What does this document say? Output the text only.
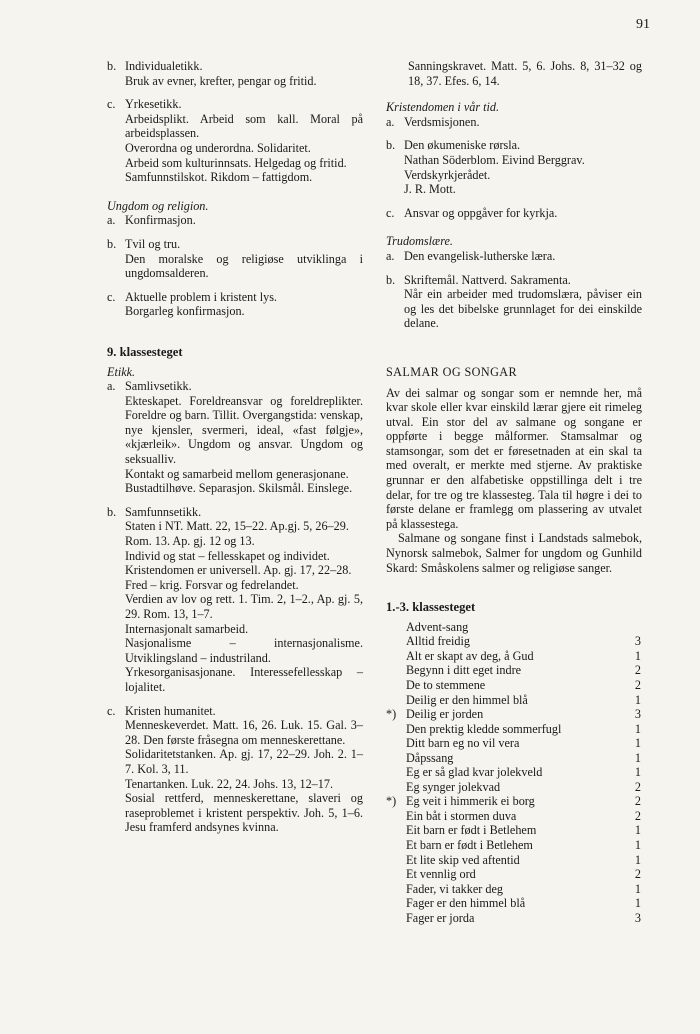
91
b. Individualetikk.

Bruk av evner, krefter, pengar og fritid.

c. Yrkesetikk.

Arbeidsplikt. Arbeid som kall. Moral på arbeidsplassen.

Overordna og underordna. Solidaritet.

Arbeid som kulturinnsats. Helgedag og fritid.

Samfunnstilskot. Rikdom – fattigdom.

Ungdom og religion.

a. Konfirmasjon.

b. Tvil og tru.

Den moralske og religiøse utviklinga i ungdomsalderen.

c. Aktuelle problem i kristent lys.

Borgarleg konfirmasjon.

9. klassesteget

Etikk.

a. Samlivsetikk.

Ekteskapet. Foreldreansvar og foreldreplikter. Foreldre og barn. Tillit. Overgangstida: venskap, nye kjensler, svermeri, ideal, «fast følgje», «kjærleik». Ungdom og ansvar. Ungdom og seksualliv.

Kontakt og samarbeid mellom generasjonane.

Bustadtilhøve. Separasjon. Skilsmål. Einslege.

b. Samfunnsetikk.

Staten i NT. Matt. 22, 15–22. Ap.gj. 5, 26–29.

Rom. 13. Ap. gj. 12 og 13.

Individ og stat – fellesskapet og individet.

Kristendomen er universell. Ap. gj. 17, 22–28.

Fred – krig. Forsvar og fedrelandet.

Verdien av lov og rett. 1. Tim. 2, 1–2., Ap. gj. 5, 29. Rom. 13, 1–7.

Internasjonalt samarbeid.

Nasjonalisme – internasjonalisme. Utviklingsland – industriland.

Yrkesorganisasjonane. Interessefellesskap – lojalitet.

c. Kristen humanitet.

Menneskeverdet. Matt. 16, 26. Luk. 15. Gal. 3–28. Den første fråsegna om menneskerettane.

Solidaritetstanken. Ap. gj. 17, 22–29. Joh. 2. 1–7. Kol. 3, 11.

Tenartanken. Luk. 22, 24. Johs. 13, 12–17.

Sosial rettferd, menneskerettane, slaveri og raseproblemet i kristent perspektiv. Joh. 5, 1–6. Jesu framferd andsynes kvinna.

Sanningskravet. Matt. 5, 6. Johs. 8, 31–32 og 18, 37. Efes. 6, 14.

Kristendomen i vår tid.

a. Verdsmisjonen.

b. Den økumeniske rørsla.

Nathan Söderblom. Eivind Berggrav.

Verdskyrkjerådet.

J. R. Mott.

c. Ansvar og oppgåver for kyrkja.

Trudomslære.

a. Den evangelisk-lutherske læra.

b. Skriftemål. Nattverd. Sakramenta.

Når ein arbeider med trudomslæra, påviser ein og les det bibelske grunnlaget for dei einskilde delane.

SALMAR OG SONGAR

Av dei salmar og songar som er nemnde her, må kvar skole eller kvar einskild lærar gjere eit rimeleg utval. Ein stor del av salmane og songane er oppførte i begge målformer. Stamsalmar og stamsongar, som det er føresetnaden at ein skal ta med overalt, er merkte med stjerne. Av praktiske grunnar er den alfabetiske oppstillinga delt i tre delar, for tre og tre klassesteg. Tala til høgre i dei to første delane er framlegg om plassering av utvalet på klassestega.

Salmane og songane finst i Landstads salmebok, Nynorsk salmebok, Salmer for ungdom og Gunhild Skard: Småskolens salmer og religiøse sanger.

1.-3. klassesteget

Advent-sang
Alltid freidig	3
Alt er skapt av deg, å Gud	1
Begynn i ditt eget indre	2
De to stemmene	2
Deilig er den himmel blå	1
*) Deilig er jorden	3
Den prektig kledde sommerfugl	1
Ditt barn eg no vil vera	1
Dåpssang	1
Eg er så glad kvar jolekveld	1
Eg synger jolekvad	2
*) Eg veit i himmerik ei borg	2
Ein båt i stormen duva	2
Eit barn er født i Betlehem	1
Et barn er født i Betlehem	1
Et lite skip ved aftentid	1
Et vennlig ord	2
Fader, vi takker deg	1
Fager er den himmel blå	1
Fager er jorda	3
